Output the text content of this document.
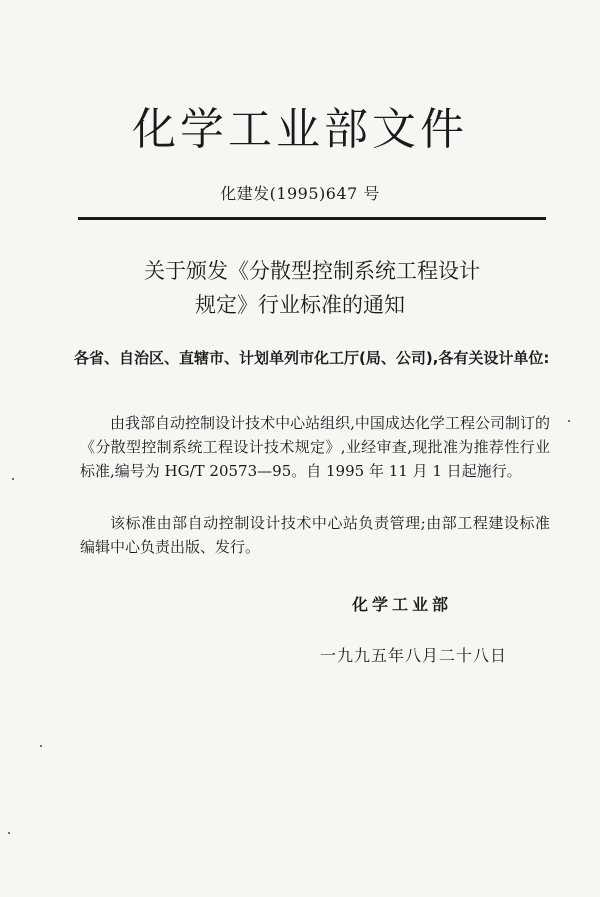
化学工业部文件
化建发(1995)647 号
关于颁发《分散型控制系统工程设计
规定》行业标准的通知
各省、自治区、直辖市、计划单列市化工厅(局、公司),各有关设计单位:

由我部自动控制设计技术中心站组织,中国成达化学工程公司制订的《分散型控制系统工程设计技术规定》,业经审查,现批准为推荐性行业标准,编号为 HG/T 20573—95。自 1995 年 11 月 1 日起施行。

该标准由部自动控制设计技术中心站负责管理;由部工程建设标准编辑中心负责出版、发行。

化学工业部
一九九五年八月二十八日
